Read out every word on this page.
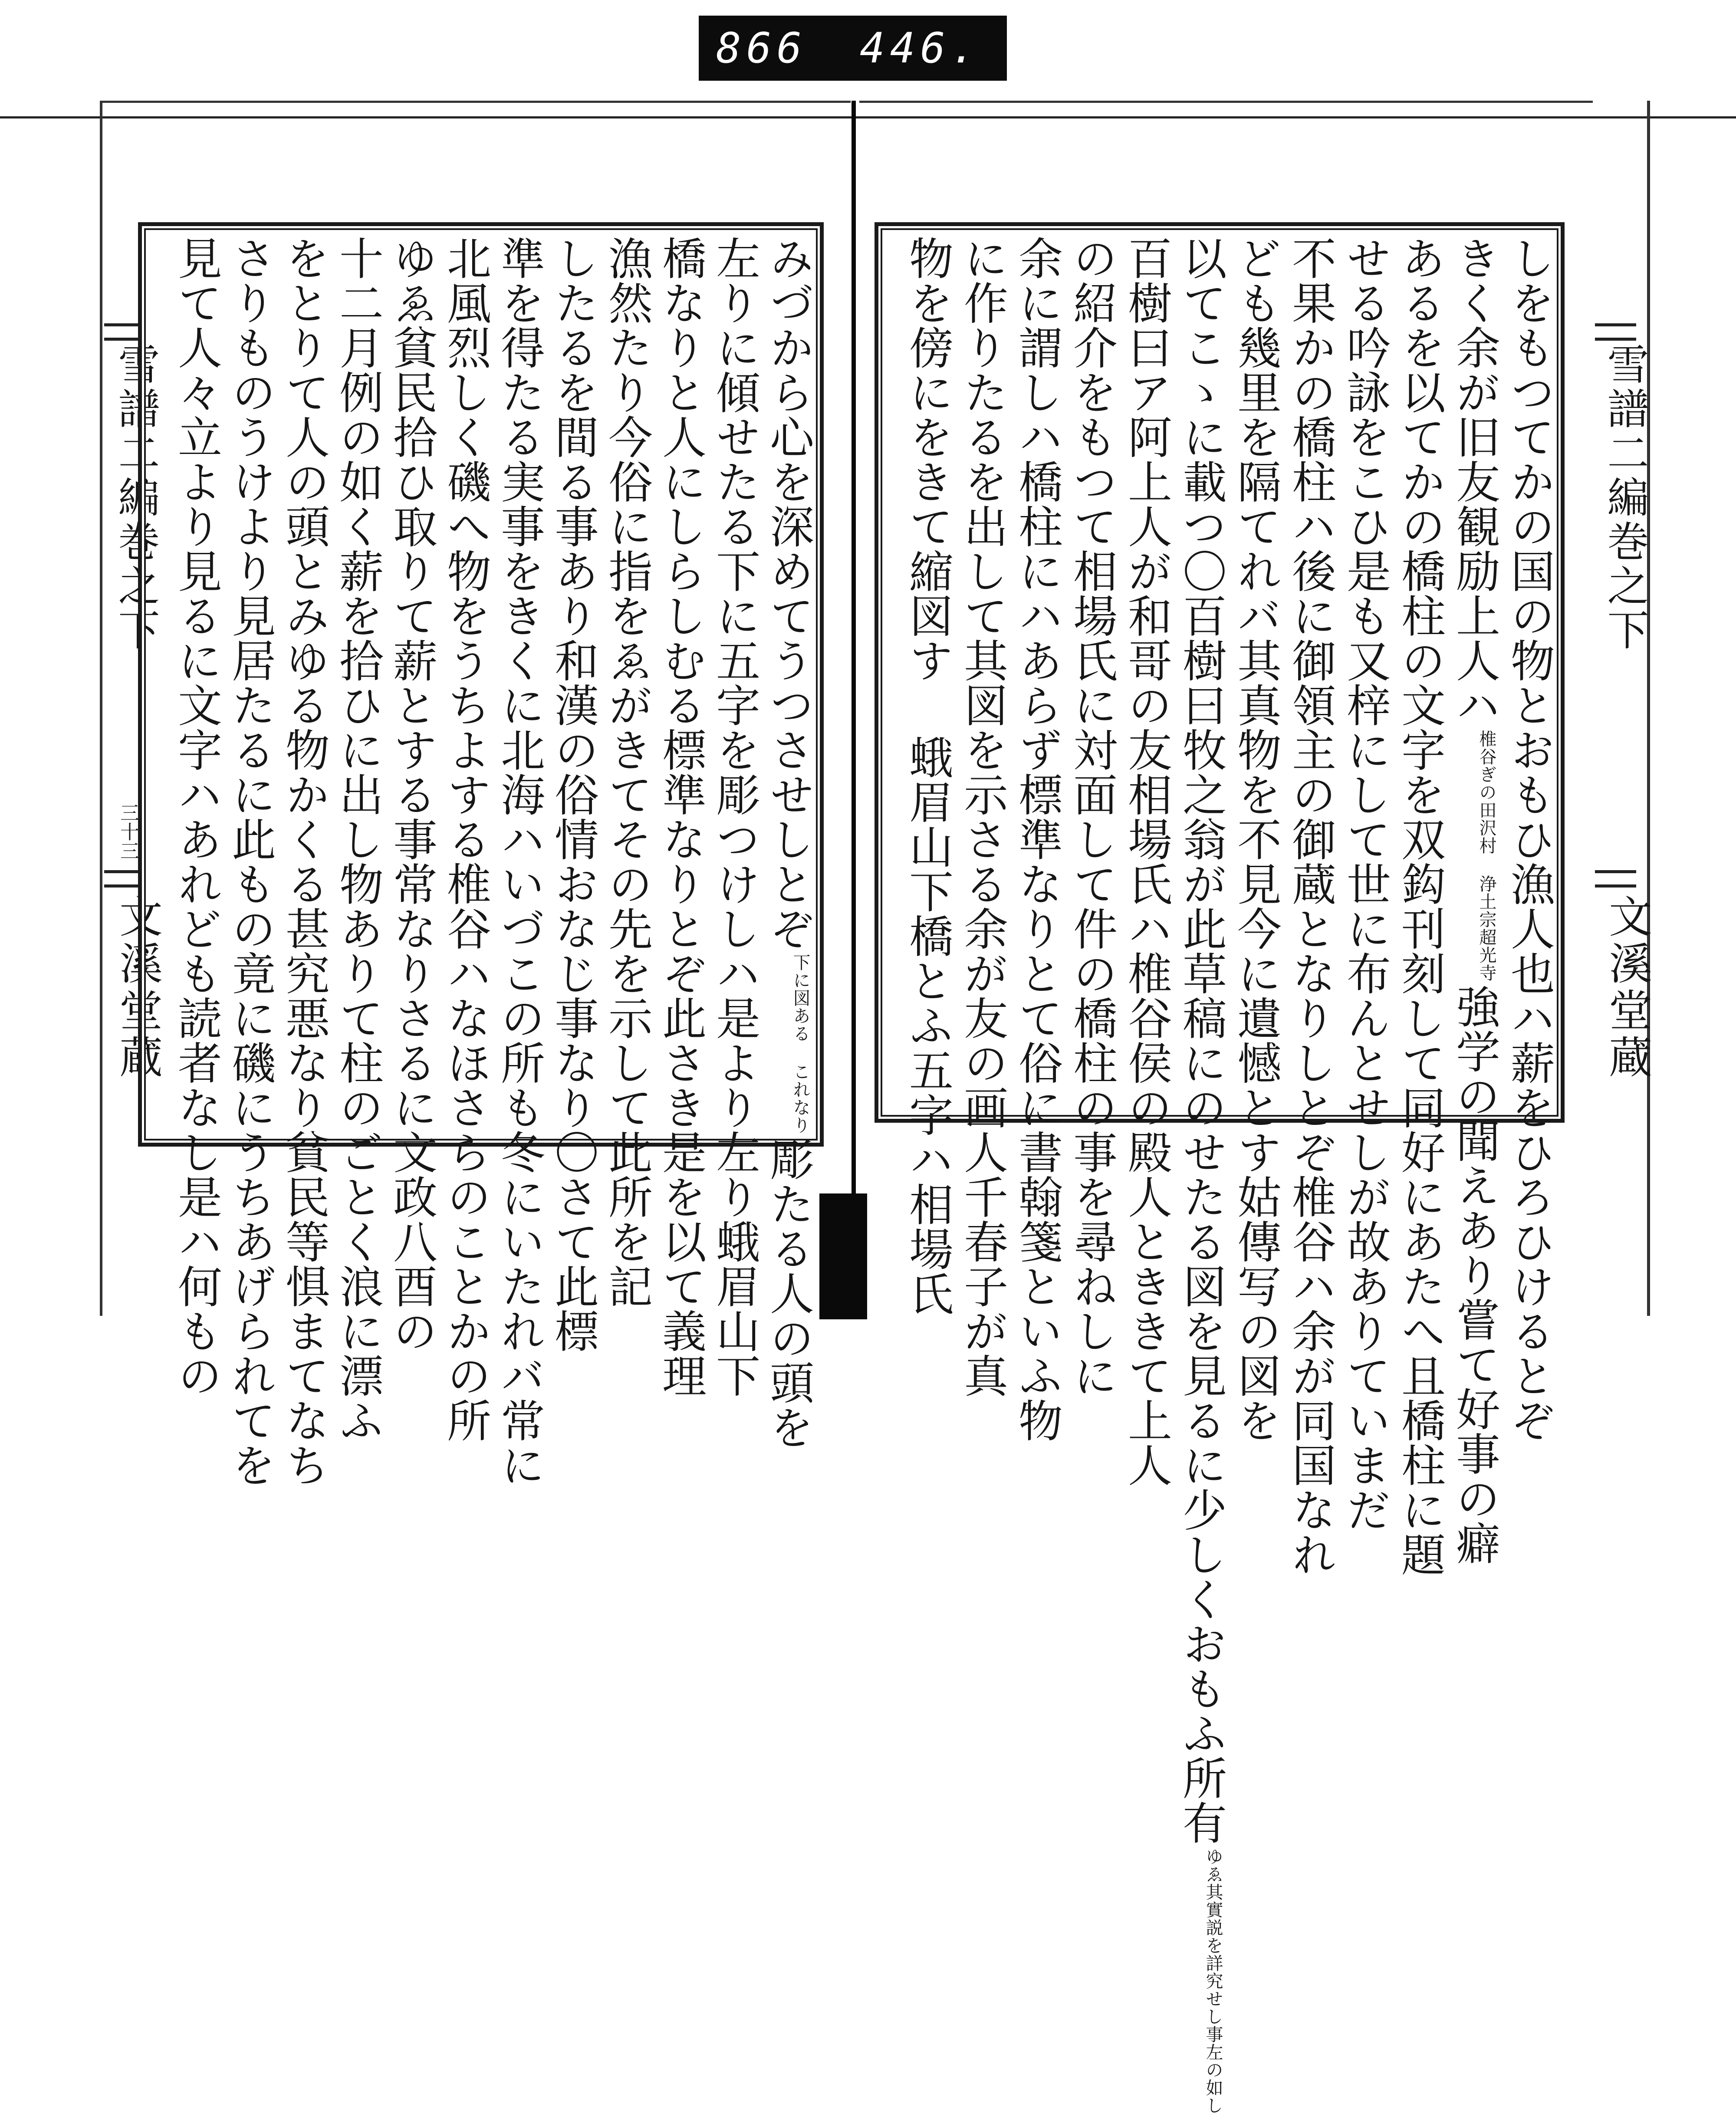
866 446.
雪譜二編巻之下
三十三
文溪堂蔵
雪譜二編巻之下
文溪堂蔵
みづから心を深めてうつさせしとぞ下に図ある これなり彫たる人の頭を
左りに傾せたる下に五字を彫つけしハ是より左り蛾眉山下
橋なりと人にしらしむる標準なりとぞ此さき是を以て義理
漁然たり今俗に指をゑがきてその先を示して此所を記
したるを間る事あり和漢の俗情おなじ事なり〇さて此標
準を得たる実事をきくに北海ハいづこの所も冬にいたれバ常に
北風烈しく磯へ物をうちよする椎谷ハなほさらのことかの所
ゆゑ貧民拾ひ取りて薪とする事常なりさるに文政八酉の
十二月例の如く薪を拾ひに出し物ありて柱のごとく浪に漂ふ
をとりて人の頭とみゆる物かくる甚究悪なり貧民等惧まてなち
さりものうけより見居たるに此もの竟に磯にうちあげられてを
見て人々立より見るに文字ハあれども読者なし是ハ何もの	しをもつてかの国の物とおもひ漁人也ハ薪をひろひけるとぞ
きく余が旧友観励上人ハ椎谷ぎの田沢村 浄土宗超光寺強学の聞えあり嘗て好事の癖
あるを以てかの橋柱の文字を双鈎刊刻して同好にあたへ且橋柱に題
せる吟詠をこひ是も又梓にして世に布んとせしが故ありていまだ
不果かの橋柱ハ後に御領主の御蔵となりしとぞ椎谷ハ余が同国なれ
ども幾里を隔てれバ其真物を不見今に遺憾とす姑傳写の図を
以てこゝに載つ〇百樹曰牧之翁が此草稿にのせたる図を見るに少しくおもふ所有ゆゑ其實説を詳究せし事左の如し
百樹曰ア阿上人が和哥の友相場氏ハ椎谷侯の殿人とききて上人
の紹介をもつて相場氏に対面して件の橋柱の事を尋ねしに
余に謂しハ橋柱にハあらず標準なりとて俗に書翰箋といふ物
に作りたるを出して其図を示さる余が友の画人千春子が真
物を傍にをきて縮図す 蛾眉山下橋とふ五字ハ相場氏
